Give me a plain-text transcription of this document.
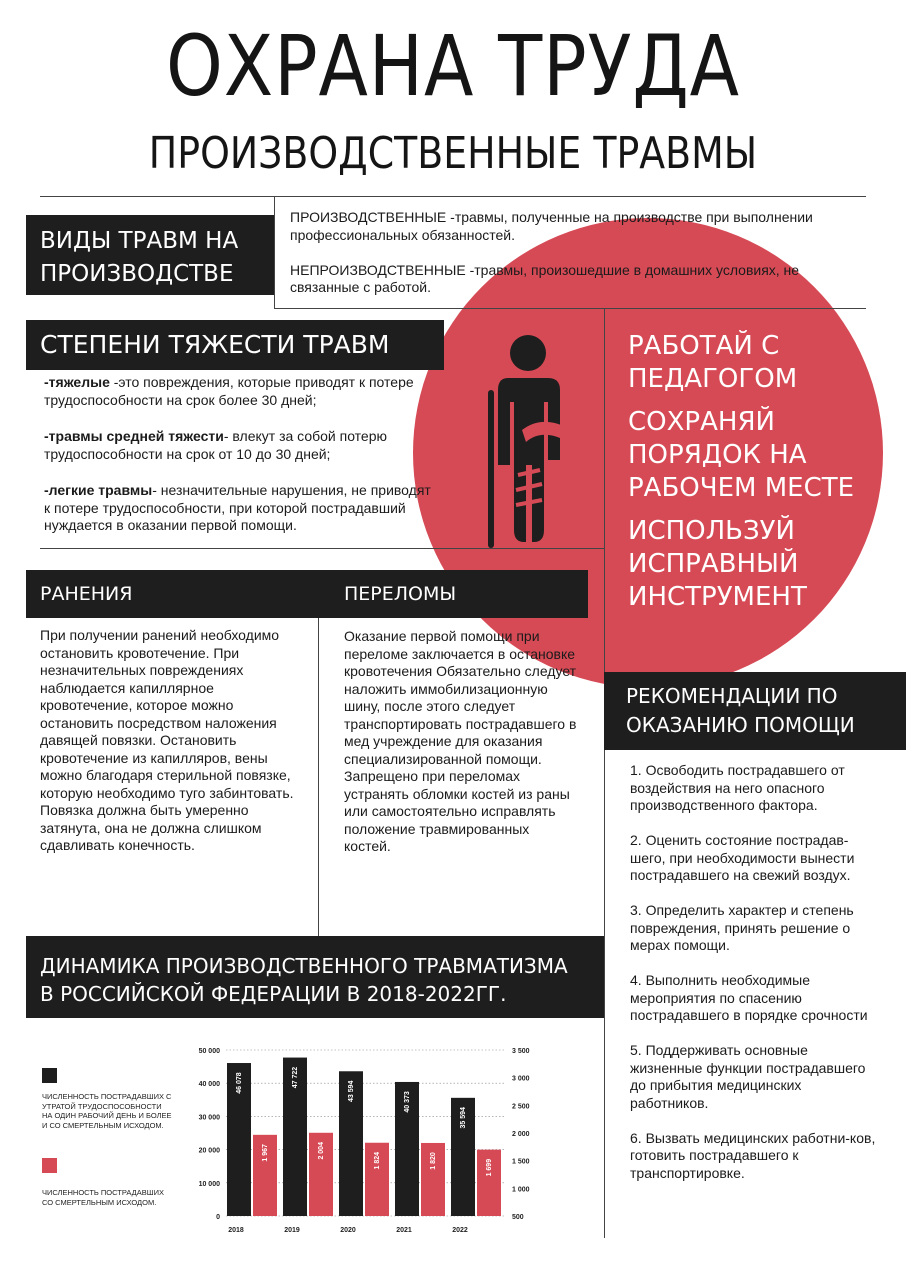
ОХРАНА ТРУДА
ПРОИЗВОДСТВЕННЫЕ ТРАВМЫ
ВИДЫ ТРАВМ НА
ПРОИЗВОДСТВЕ

ПРОИЗВОДСТВЕННЫЕ -травмы, полученные на производстве при выполнении профессиональных обязанностей.

НЕПРОИЗВОДСТВЕННЫЕ -травмы, произошедшие в домашних условиях, не связанные с работой.

СТЕПЕНИ ТЯЖЕСТИ ТРАВМ

-тяжелые -это повреждения, которые приводят к потере трудоспособности на срок более 30 дней;

-травмы средней тяжести- влекут за собой потерю трудоспособности на срок от 10 до 30 дней;

-легкие травмы- незначительные нарушения, не приводят к потере трудоспособности, при которой пострадавший нуждается в оказании первой помощи.

РАБОТАЙ С ПЕДАГОГОМ
СОХРАНЯЙ ПОРЯДОК НА РАБОЧЕМ МЕСТЕ
ИСПОЛЬЗУЙ ИСПРАВНЫЙ ИНСТРУМЕНТ
РАНЕНИЯ	ПЕРЕЛОМЫ
При получении ранений необходимо остановить кровотечение. При незначительных повреждениях наблюдается капиллярное кровотечение, которое можно остановить посредством наложения давящей повязки. Остановить кровотечение из капилляров, вены можно благодаря стерильной повязке, которую необходимо туго забинтовать. Повязка должна быть умеренно затянута, она не должна слишком сдавливать конечность.
Оказание первой помощи при переломе заключается в остановке кровотечения Обязательно следует наложить иммобилизационную шину, после этого следует транспортировать пострадавшего в мед учреждение для оказания специализированной помощи. Запрещено при переломах устранять обломки костей из раны или самостоятельно исправлять положение травмированных костей.
РЕКОМЕНДАЦИИ ПО ОКАЗАНИЮ ПОМОЩИ

1. Освободить пострадавшего от воздействия на него опасного производственного фактора.

2. Оценить состояние пострадав-шего, при необходимости вынести пострадавшего на свежий воздух.

3. Определить характер и степень повреждения, принять решение о мерах помощи.

4. Выполнить необходимые мероприятия по спасению пострадавшего в порядке срочности

5. Поддерживать основные жизненные функции пострадавшего до прибытия медицинских работников.

6. Вызвать медицинских работни-ков, готовить пострадавшего к транспортировке.

ДИНАМИКА ПРОИЗВОДСТВЕННОГО ТРАВМАТИЗМА
В РОССИЙСКОЙ ФЕДЕРАЦИИ В 2018-2022ГГ.
ЧИСЛЕННОСТЬ ПОСТРАДАВШИХ С УТРАТОЙ ТРУДОСПОСОБНОСТИ НА ОДИН РАБОЧИЙ ДЕНЬ И БОЛЕЕ И СО СМЕРТЕЛЬНЫМ ИСХОДОМ.
ЧИСЛЕННОСТЬ ПОСТРАДАВШИХ СО СМЕРТЕЛЬНЫМ ИСХОДОМ.
0
10 000
20 000
30 000
40 000
50 000
500
1 000
1 500
2 000
2 500
3 000
3 500
46 078
1 967
2018
47 722
2 004
2019
43 594
1 824
2020
40 373
1 820
2021
35 594
1 699
2022
